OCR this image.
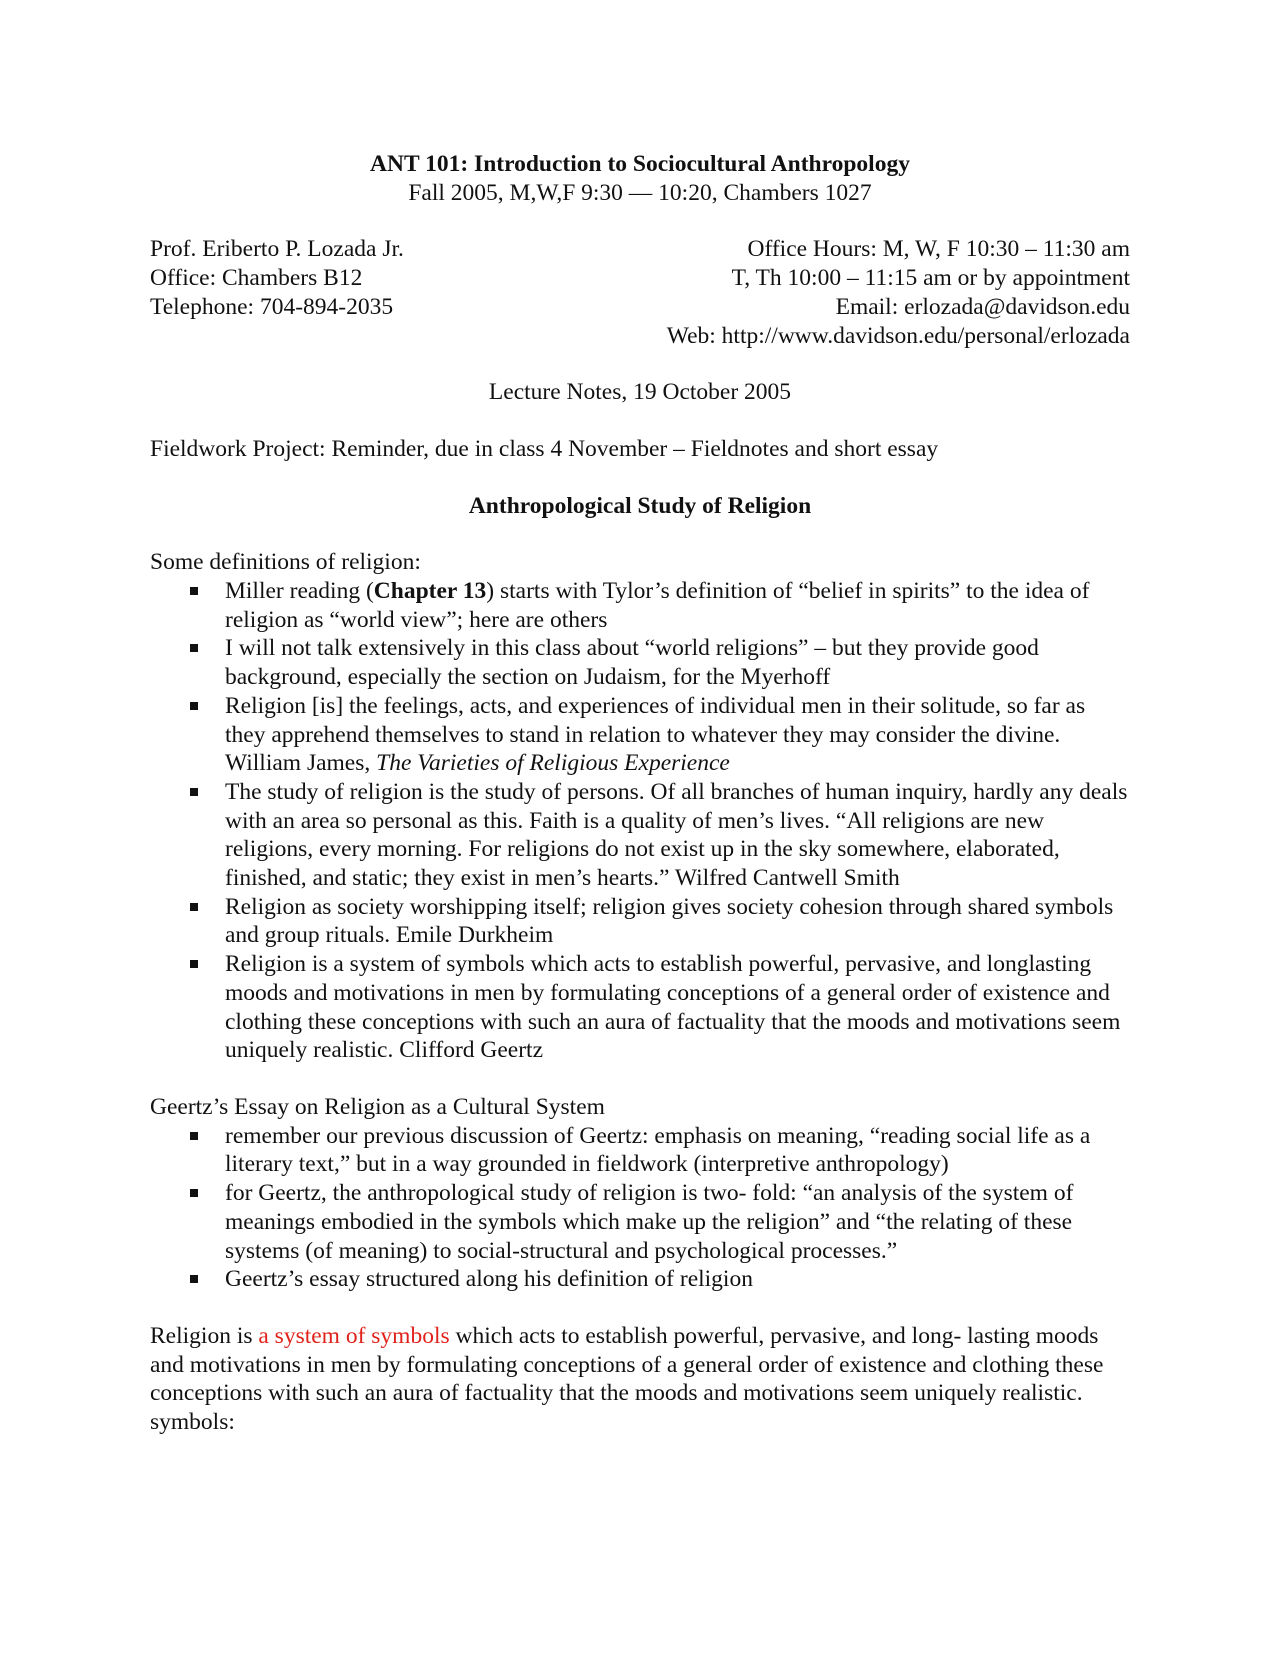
ANT 101: Introduction to Sociocultural Anthropology

Fall 2005, M,W,F 9:30 — 10:20, Chambers 1027

Prof. Eriberto P. Lozada Jr.

Office: Chambers B12

Telephone: 704-894-2035

Office Hours: M, W, F 10:30 – 11:30 am

T, Th 10:00 – 11:15 am or by appointment

Email: erlozada@davidson.edu

Web: http://www.davidson.edu/personal/erlozada

Lecture Notes, 19 October 2005

Fieldwork Project: Reminder, due in class 4 November – Fieldnotes and short essay

Anthropological Study of Religion

Some definitions of religion:

Miller reading (Chapter 13) starts with Tylor’s definition of “belief in spirits” to the idea of religion as “world view”; here are others
I will not talk extensively in this class about “world religions” – but they provide good background, especially the section on Judaism, for the Myerhoff
Religion [is] the feelings, acts, and experiences of individual men in their solitude, so far as they apprehend themselves to stand in relation to whatever they may consider the divine. William James, The Varieties of Religious Experience
The study of religion is the study of persons. Of all branches of human inquiry, hardly any deals with an area so personal as this. Faith is a quality of men’s lives. “All religions are new religions, every morning. For religions do not exist up in the sky somewhere, elaborated, finished, and static; they exist in men’s hearts.” Wilfred Cantwell Smith
Religion as society worshipping itself; religion gives society cohesion through shared symbols and group rituals. Emile Durkheim
Religion is a system of symbols which acts to establish powerful, pervasive, and longlasting moods and motivations in men by formulating conceptions of a general order of existence and clothing these conceptions with such an aura of factuality that the moods and motivations seem uniquely realistic. Clifford Geertz

Geertz’s Essay on Religion as a Cultural System

remember our previous discussion of Geertz: emphasis on meaning, “reading social life as a literary text,” but in a way grounded in fieldwork (interpretive anthropology)
for Geertz, the anthropological study of religion is two- fold: “an analysis of the system of meanings embodied in the symbols which make up the religion” and “the relating of these systems (of meaning) to social-structural and psychological processes.”
Geertz’s essay structured along his definition of religion

Religion is a system of symbols which acts to establish powerful, pervasive, and long- lasting moods and motivations in men by formulating conceptions of a general order of existence and clothing these conceptions with such an aura of factuality that the moods and motivations seem uniquely realistic.

symbols:
